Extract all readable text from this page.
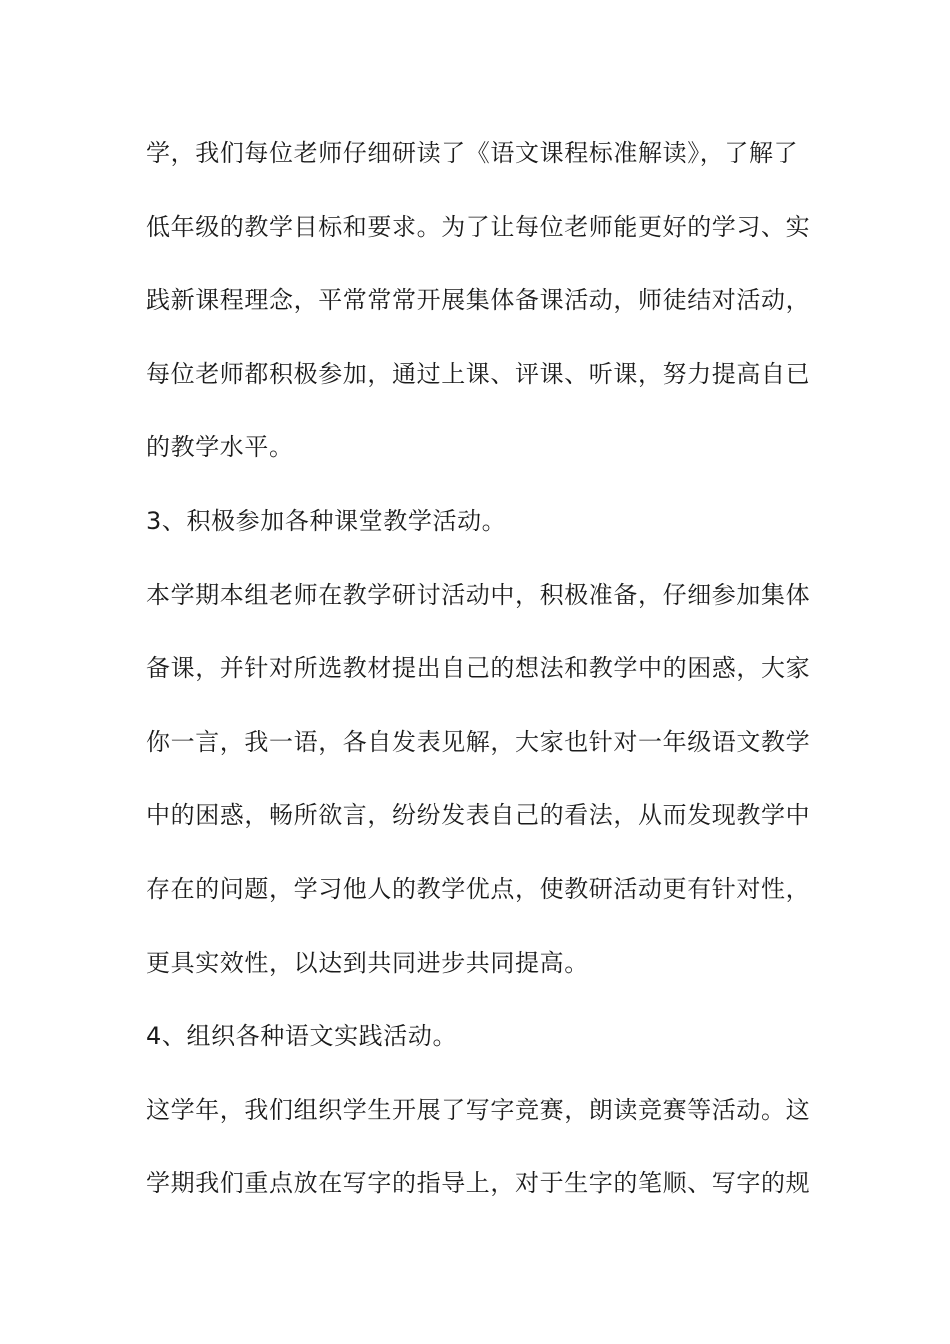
学，我们每位老师仔细研读了《语文课程标准解读》，了解了
低年级的教学目标和要求。为了让每位老师能更好的学习、实
践新课程理念，平常常常开展集体备课活动，师徒结对活动，
每位老师都积极参加，通过上课、评课、听课，努力提高自已
的教学水平。
3、积极参加各种课堂教学活动。
本学期本组老师在教学研讨活动中，积极准备，仔细参加集体
备课，并针对所选教材提出自己的想法和教学中的困惑，大家
你一言，我一语，各自发表见解，大家也针对一年级语文教学
中的困惑，畅所欲言，纷纷发表自己的看法，从而发现教学中
存在的问题，学习他人的教学优点，使教研活动更有针对性，
更具实效性，以达到共同进步共同提高。
4、组织各种语文实践活动。
这学年，我们组织学生开展了写字竞赛，朗读竞赛等活动。这
学期我们重点放在写字的指导上，对于生字的笔顺、写字的规
